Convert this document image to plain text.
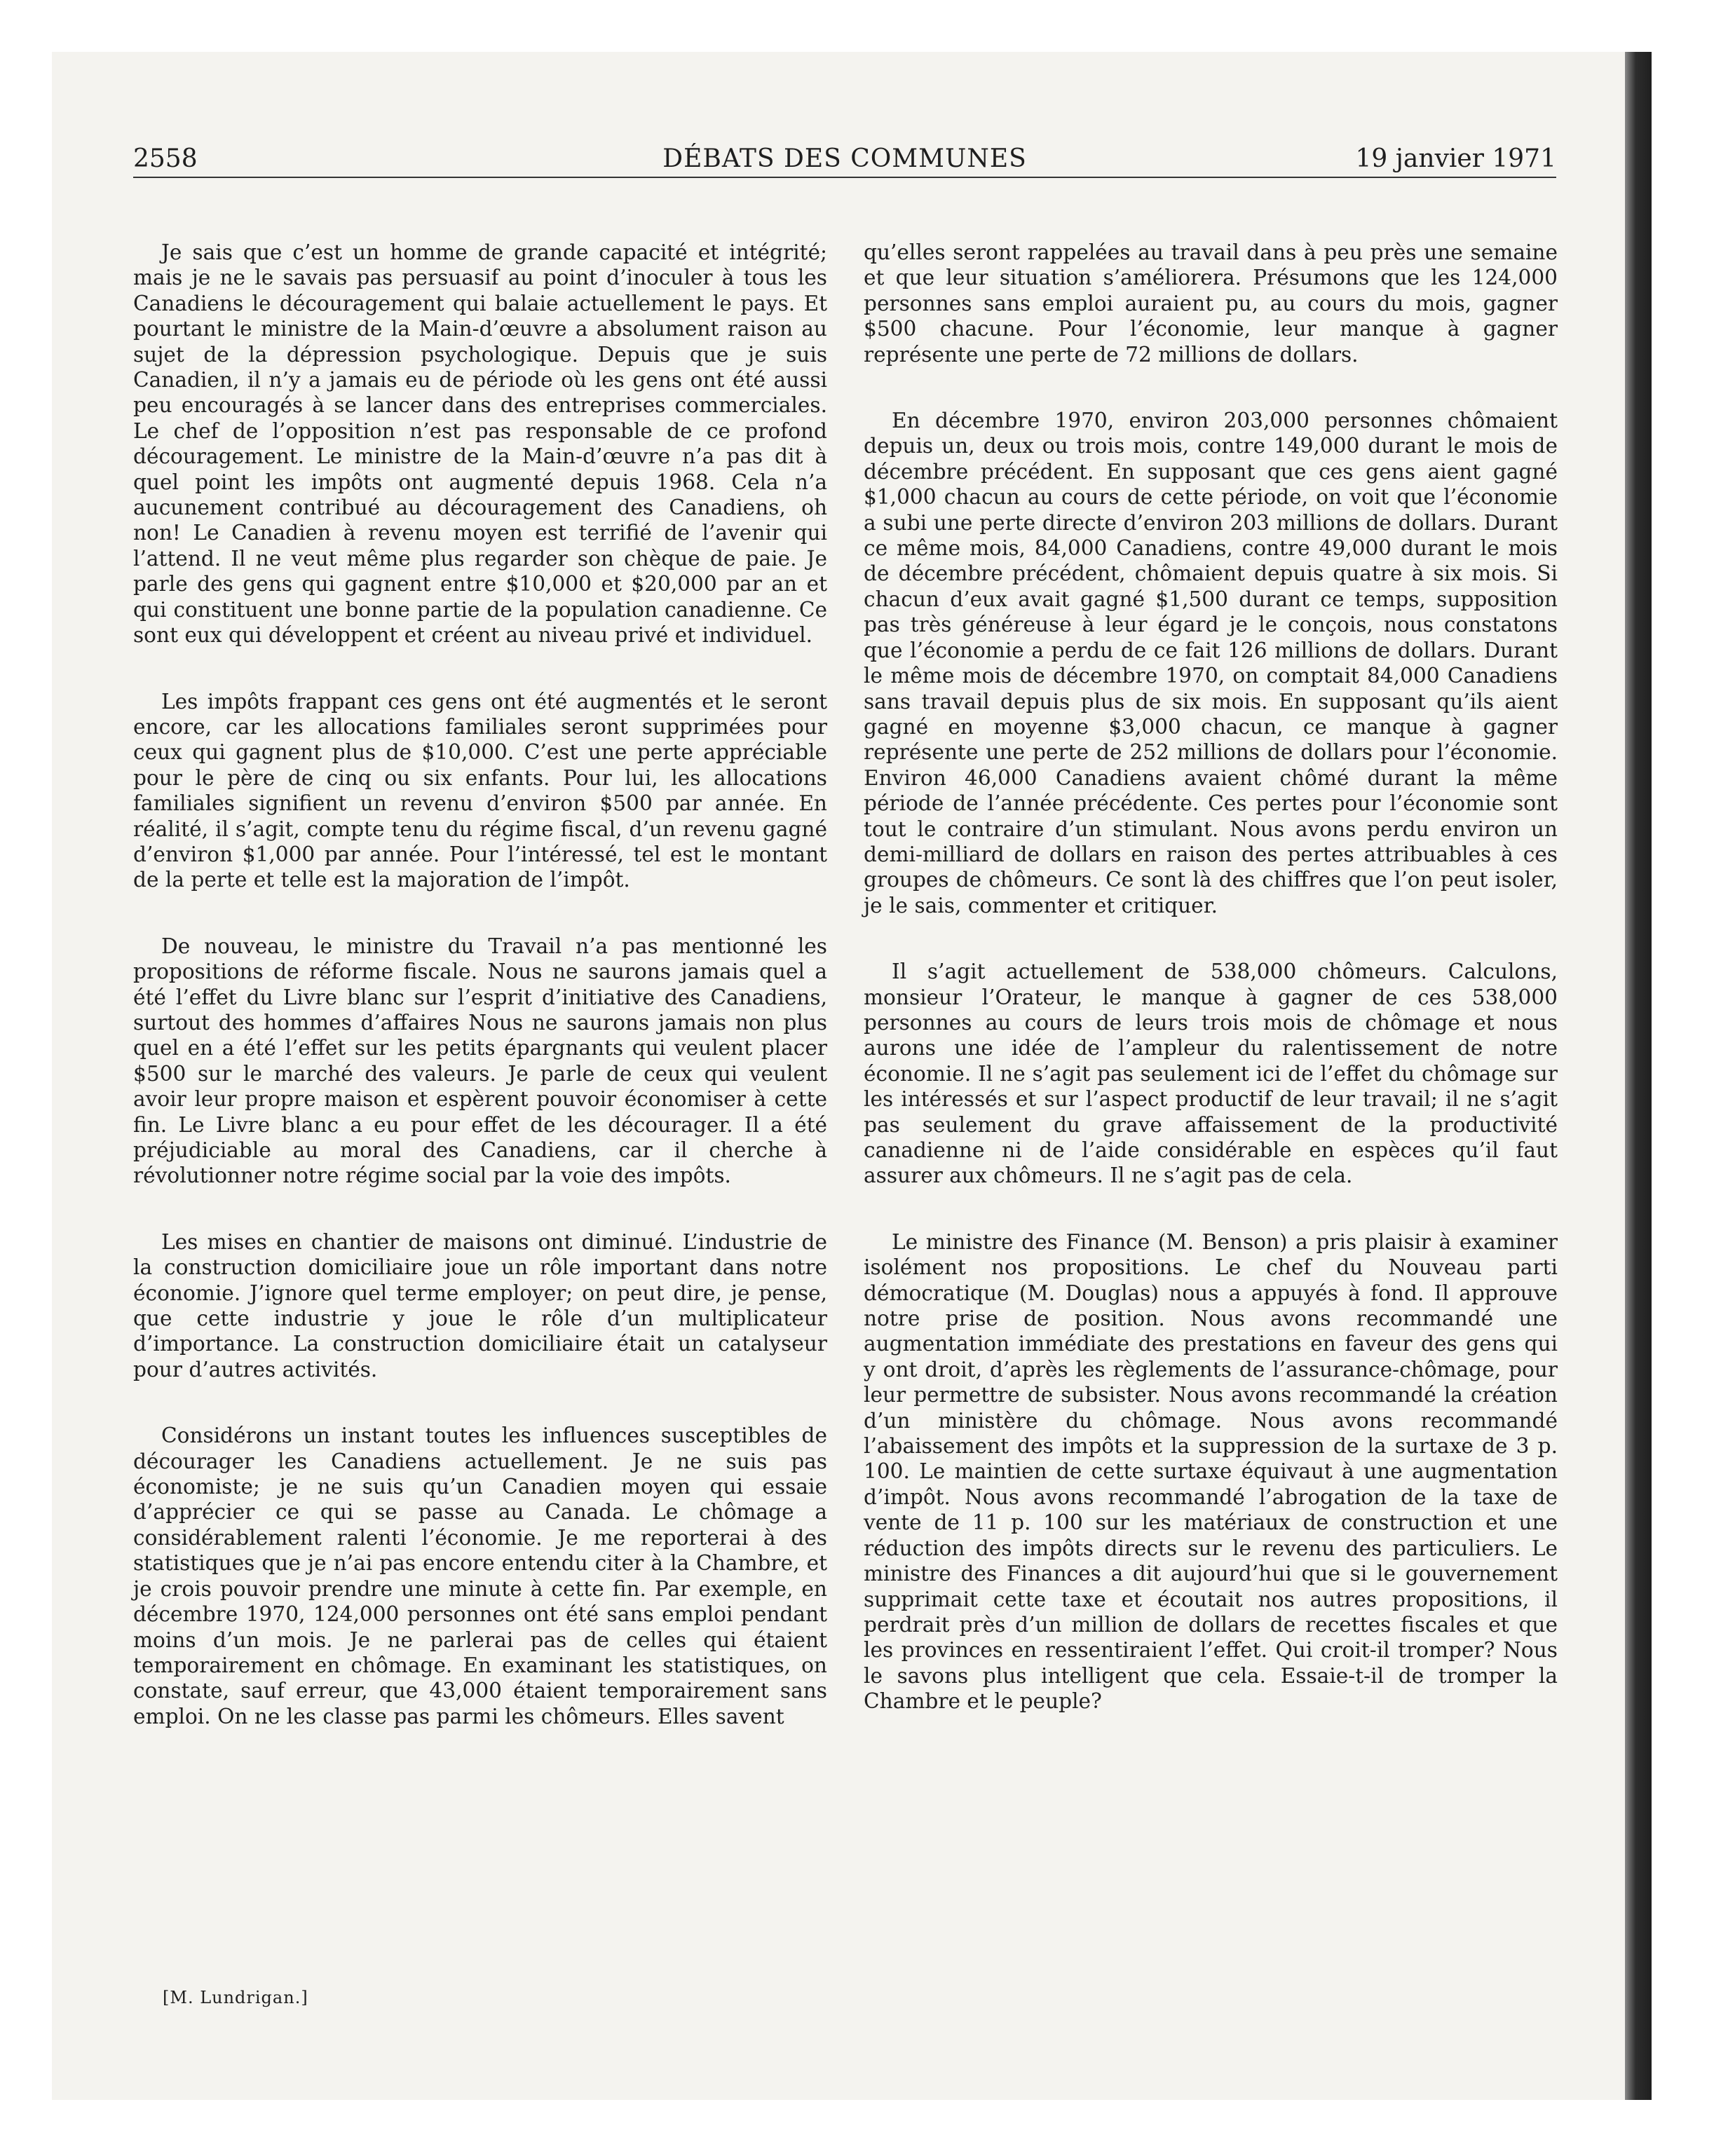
DÉBATS DES COMMUNES
2558	19 janvier 1971

Je sais que c’est un homme de grande capacité et intégrité; mais je ne le savais pas persuasif au point d’inoculer à tous les Canadiens le découragement qui balaie actuellement le pays. Et pourtant le ministre de la Main-d’œuvre a absolument raison au sujet de la dépression psychologique. Depuis que je suis Canadien, il n’y a jamais eu de période où les gens ont été aussi peu encouragés à se lancer dans des entreprises commerciales. Le chef de l’opposition n’est pas responsable de ce profond découragement. Le ministre de la Main-d’œuvre n’a pas dit à quel point les impôts ont augmenté depuis 1968. Cela n’a aucunement contribué au découragement des Canadiens, oh non! Le Canadien à revenu moyen est terrifié de l’avenir qui l’attend. Il ne veut même plus regarder son chèque de paie. Je parle des gens qui gagnent entre $10,000 et $20,000 par an et qui constituent une bonne partie de la population canadienne. Ce sont eux qui développent et créent au niveau privé et individuel.

Les impôts frappant ces gens ont été augmentés et le seront encore, car les allocations familiales seront supprimées pour ceux qui gagnent plus de $10,000. C’est une perte appréciable pour le père de cinq ou six enfants. Pour lui, les allocations familiales signifient un revenu d’environ $500 par année. En réalité, il s’agit, compte tenu du régime fiscal, d’un revenu gagné d’environ $1,000 par année. Pour l’intéressé, tel est le montant de la perte et telle est la majoration de l’impôt.

De nouveau, le ministre du Travail n’a pas mentionné les propositions de réforme fiscale. Nous ne saurons jamais quel a été l’effet du Livre blanc sur l’esprit d’initiative des Canadiens, surtout des hommes d’affaires Nous ne saurons jamais non plus quel en a été l’effet sur les petits épargnants qui veulent placer $500 sur le marché des valeurs. Je parle de ceux qui veulent avoir leur propre maison et espèrent pouvoir économiser à cette fin. Le Livre blanc a eu pour effet de les décourager. Il a été préjudiciable au moral des Canadiens, car il cherche à révolutionner notre régime social par la voie des impôts.

Les mises en chantier de maisons ont diminué. L’industrie de la construction domiciliaire joue un rôle important dans notre économie. J’ignore quel terme employer; on peut dire, je pense, que cette industrie y joue le rôle d’un multiplicateur d’importance. La construction domiciliaire était un catalyseur pour d’autres activités.

Considérons un instant toutes les influences susceptibles de décourager les Canadiens actuellement. Je ne suis pas économiste; je ne suis qu’un Canadien moyen qui essaie d’apprécier ce qui se passe au Canada. Le chômage a considérablement ralenti l’économie. Je me reporterai à des statistiques que je n’ai pas encore entendu citer à la Chambre, et je crois pouvoir prendre une minute à cette fin. Par exemple, en décembre 1970, 124,000 personnes ont été sans emploi pendant moins d’un mois. Je ne parlerai pas de celles qui étaient temporairement en chômage. En examinant les statistiques, on constate, sauf erreur, que 43,000 étaient temporairement sans emploi. On ne les classe pas parmi les chômeurs. Elles savent

qu’elles seront rappelées au travail dans à peu près une semaine et que leur situation s’améliorera. Présumons que les 124,000 personnes sans emploi auraient pu, au cours du mois, gagner $500 chacune. Pour l’économie, leur manque à gagner représente une perte de 72 millions de dollars.

En décembre 1970, environ 203,000 personnes chômaient depuis un, deux ou trois mois, contre 149,000 durant le mois de décembre précédent. En supposant que ces gens aient gagné $1,000 chacun au cours de cette période, on voit que l’économie a subi une perte directe d’environ 203 millions de dollars. Durant ce même mois, 84,000 Canadiens, contre 49,000 durant le mois de décembre précédent, chômaient depuis quatre à six mois. Si chacun d’eux avait gagné $1,500 durant ce temps, supposition pas très généreuse à leur égard je le conçois, nous constatons que l’économie a perdu de ce fait 126 millions de dollars. Durant le même mois de décembre 1970, on comptait 84,000 Canadiens sans travail depuis plus de six mois. En supposant qu’ils aient gagné en moyenne $3,000 chacun, ce manque à gagner représente une perte de 252 millions de dollars pour l’économie. Environ 46,000 Canadiens avaient chômé durant la même période de l’année précédente. Ces pertes pour l’économie sont tout le contraire d’un stimulant. Nous avons perdu environ un demi-milliard de dollars en raison des pertes attribuables à ces groupes de chômeurs. Ce sont là des chiffres que l’on peut isoler, je le sais, commenter et critiquer.

Il s’agit actuellement de 538,000 chômeurs. Calculons, monsieur l’Orateur, le manque à gagner de ces 538,000 personnes au cours de leurs trois mois de chômage et nous aurons une idée de l’ampleur du ralentissement de notre économie. Il ne s’agit pas seulement ici de l’effet du chômage sur les intéressés et sur l’aspect productif de leur travail; il ne s’agit pas seulement du grave affaissement de la productivité canadienne ni de l’aide considérable en espèces qu’il faut assurer aux chômeurs. Il ne s’agit pas de cela.

Le ministre des Finance (M. Benson) a pris plaisir à examiner isolément nos propositions. Le chef du Nouveau parti démocratique (M. Douglas) nous a appuyés à fond. Il approuve notre prise de position. Nous avons recommandé une augmentation immédiate des prestations en faveur des gens qui y ont droit, d’après les règlements de l’assurance-chômage, pour leur permettre de subsister. Nous avons recommandé la création d’un ministère du chômage. Nous avons recommandé l’abaissement des impôts et la suppression de la surtaxe de 3 p. 100. Le maintien de cette surtaxe équivaut à une augmentation d’impôt. Nous avons recommandé l’abrogation de la taxe de vente de 11 p. 100 sur les matériaux de construction et une réduction des impôts directs sur le revenu des particuliers. Le ministre des Finances a dit aujourd’hui que si le gouvernement supprimait cette taxe et écoutait nos autres propositions, il perdrait près d’un million de dollars de recettes fiscales et que les provinces en ressentiraient l’effet. Qui croit-il tromper? Nous le savons plus intelligent que cela. Essaie-t-il de tromper la Chambre et le peuple?

[M. Lundrigan.]
